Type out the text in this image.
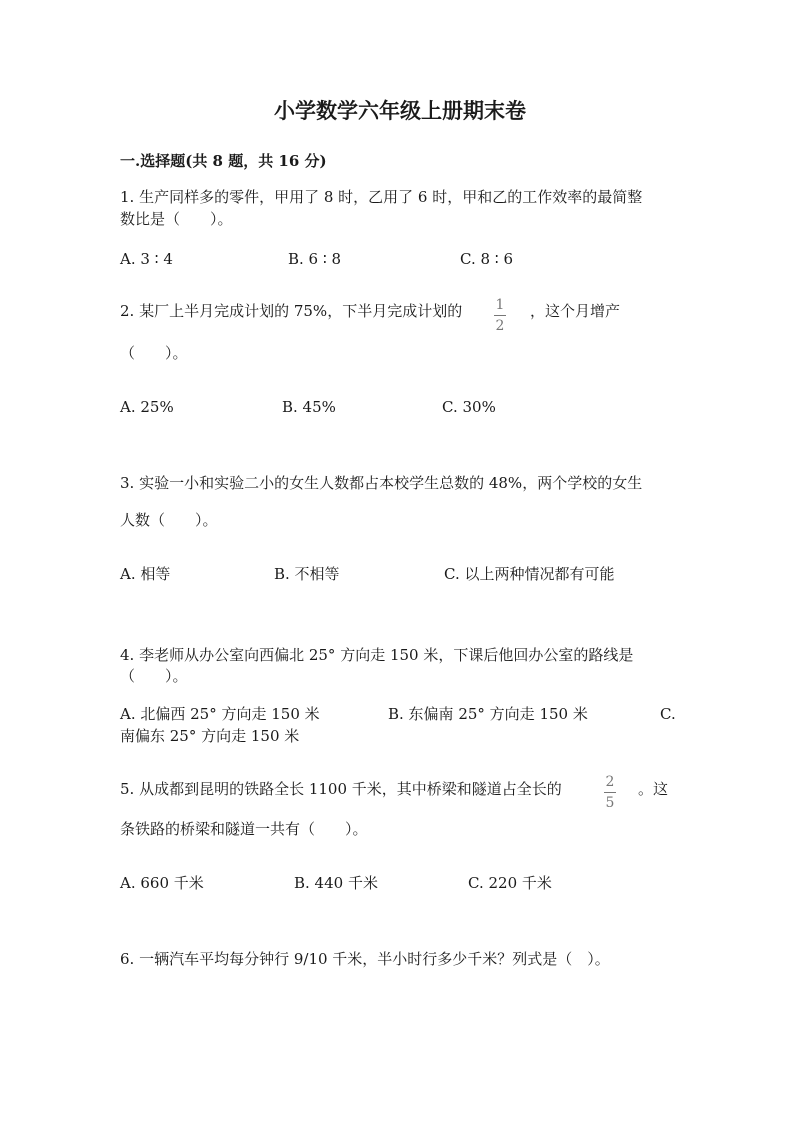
小学数学六年级上册期末卷
一.选择题(共 8 题，共 16 分)
1. 生产同样多的零件，甲用了 8 时，乙用了 6 时，甲和乙的工作效率的最简整
数比是（　　）。
A. 3 ∶ 4	B. 6 ∶ 8	C. 8 ∶ 6
2. 某厂上半月完成计划的 75%，下半月完成计划的 1
2
，这个月增产
（　　）。
A. 25%	B. 45%	C. 30%
3. 实验一小和实验二小的女生人数都占本校学生总数的 48%，两个学校的女生
人数（　　）。
A. 相等	B. 不相等	C. 以上两种情况都有可能
4. 李老师从办公室向西偏北 25° 方向走 150 米，下课后他回办公室的路线是
（　　）。
A. 北偏西 25° 方向走 150 米	B. 东偏南 25° 方向走 150 米	C.
南偏东 25° 方向走 150 米
5. 从成都到昆明的铁路全长 1100 千米，其中桥梁和隧道占全长的	2
5
。这
条铁路的桥梁和隧道一共有（　　）。
A. 660 千米	B. 440 千米	C. 220 千米
6. 一辆汽车平均每分钟行 9/10 千米，半小时行多少千米？列式是（　）。
